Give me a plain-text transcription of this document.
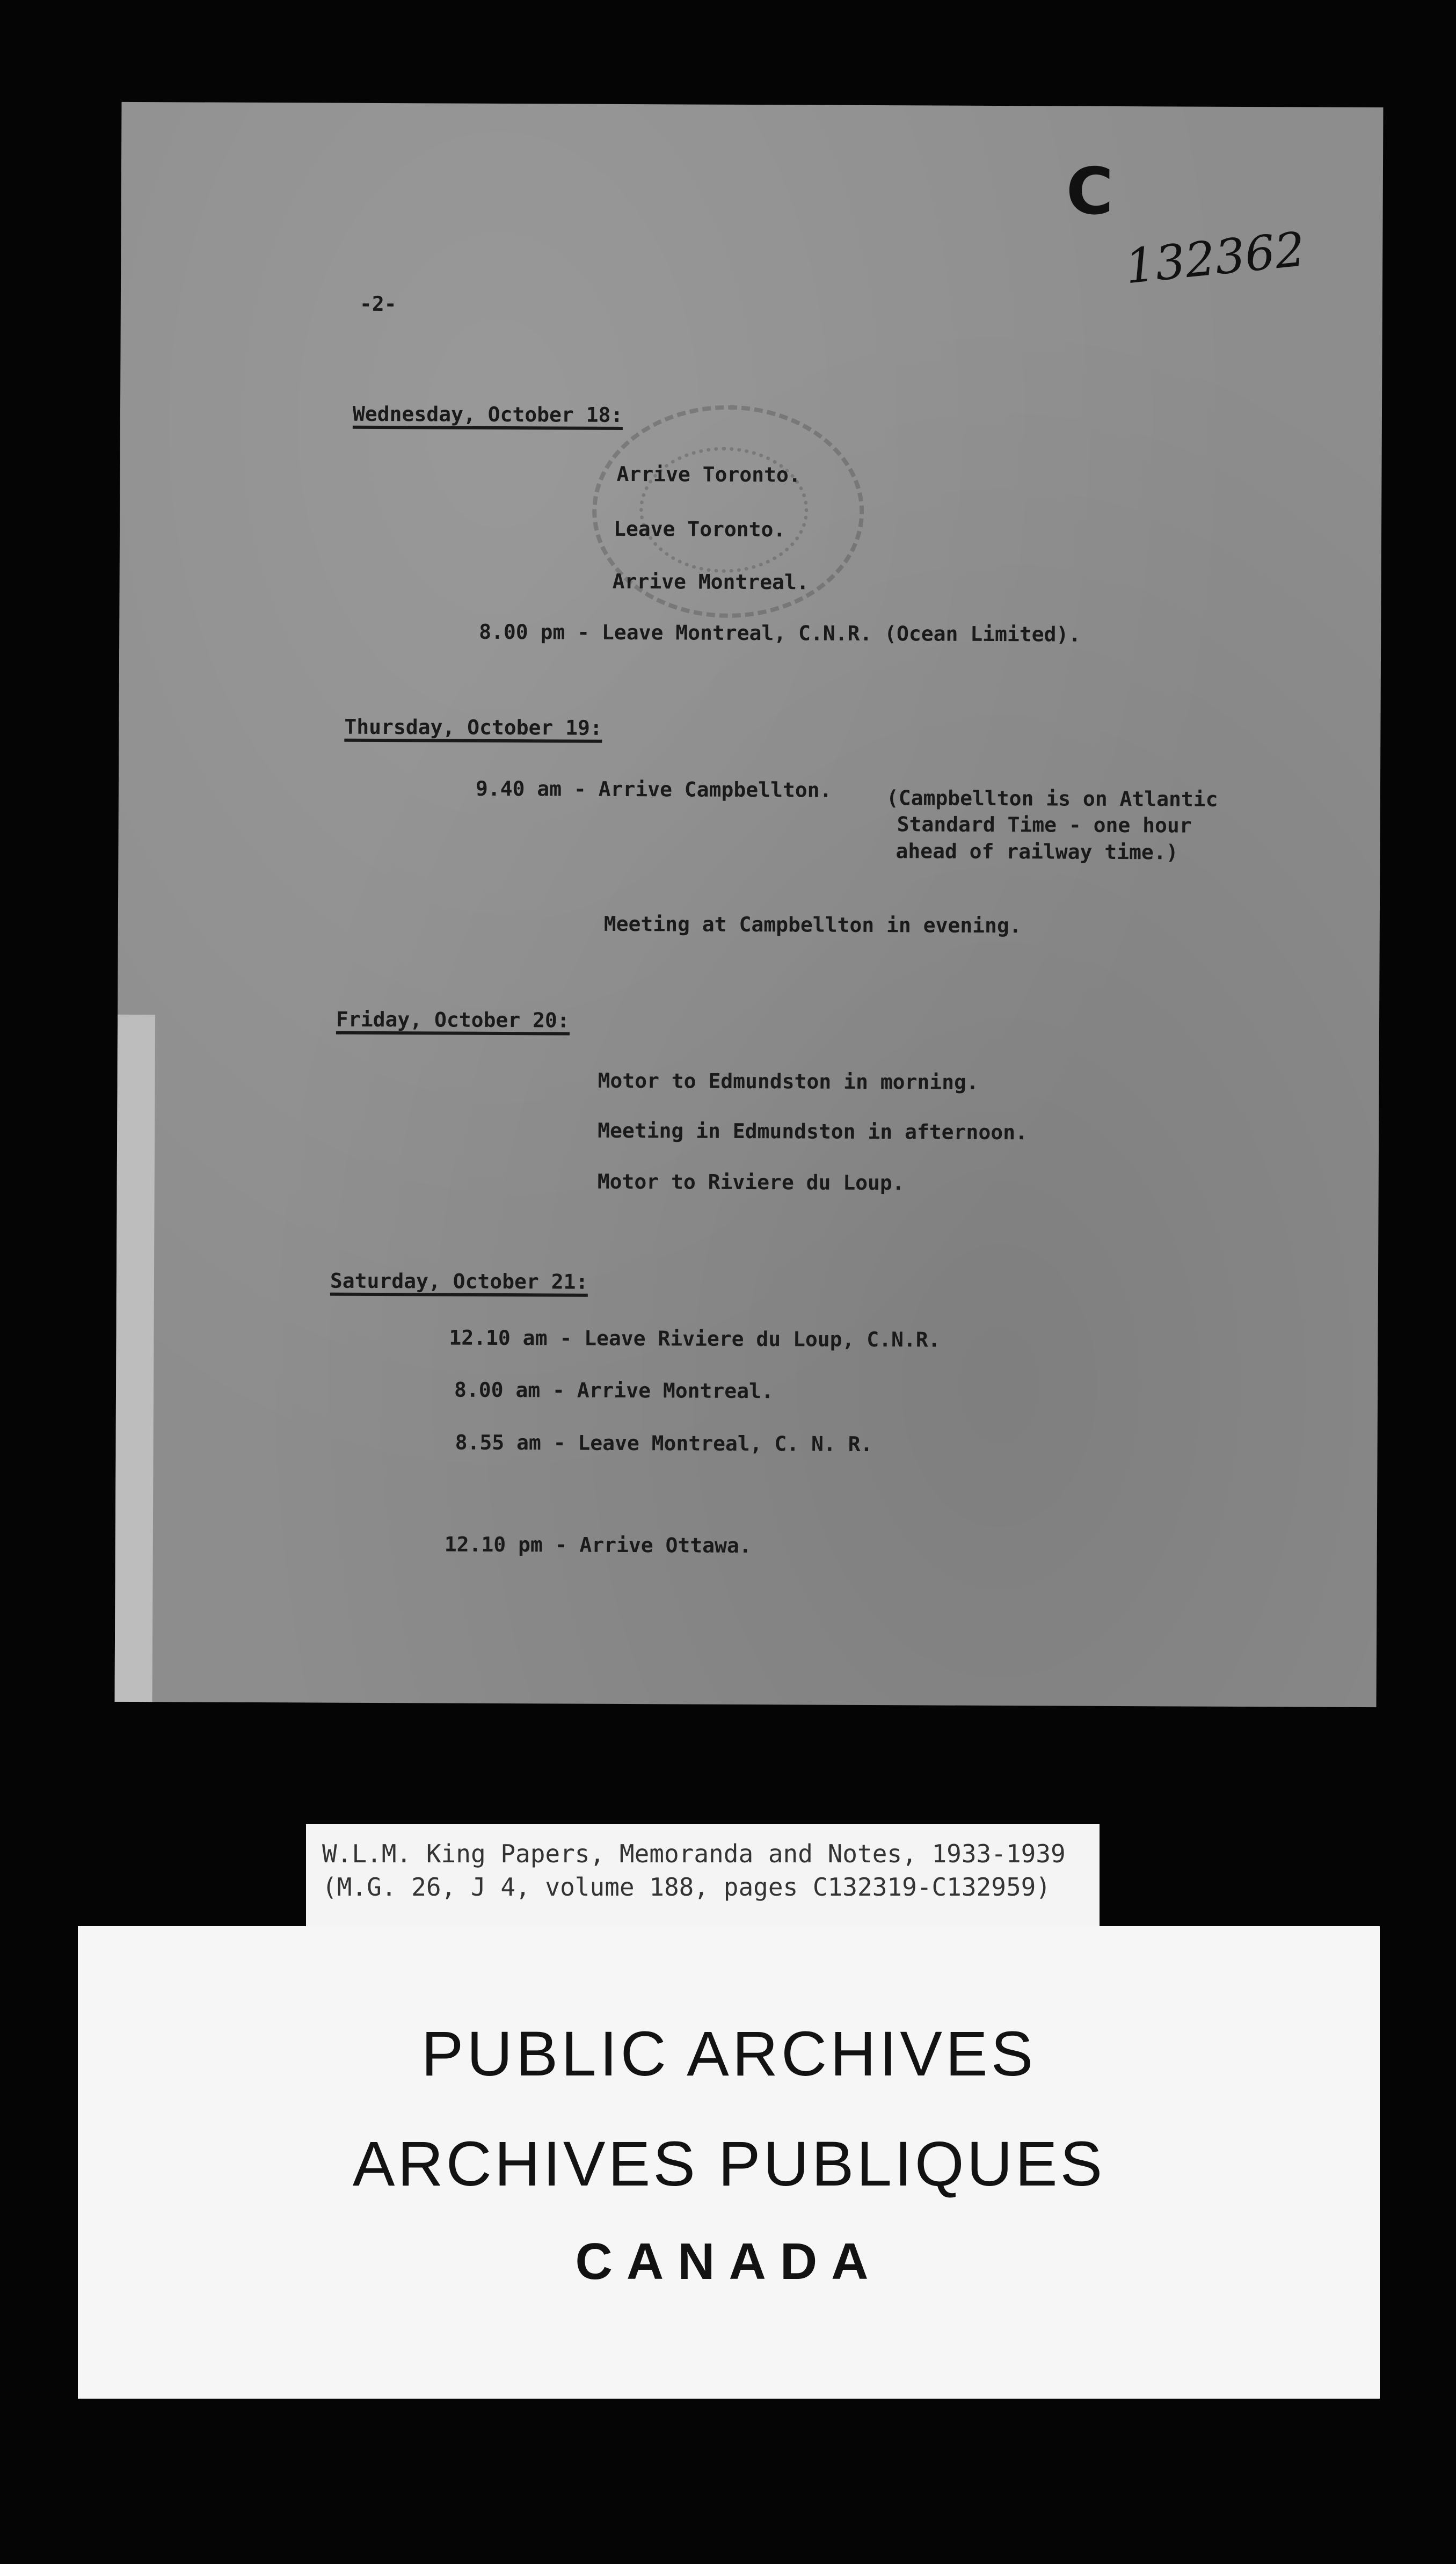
C

132362

-2-

Wednesday, October 18:

Arrive Toronto.

Leave Toronto.

Arrive Montreal.

8.00 pm - Leave Montreal, C.N.R. (Ocean Limited).

Thursday, October 19:

9.40 am - Arrive Campbellton.	(Campbellton is on Atlantic

Standard Time - one hour

ahead of railway time.)

Meeting at Campbellton in evening.

Friday, October 20:

Motor to Edmundston in morning.

Meeting in Edmundston in afternoon.

Motor to Riviere du Loup.

Saturday, October 21:

12.10 am - Leave Riviere du Loup, C.N.R.

8.00 am - Arrive Montreal.

8.55 am - Leave Montreal, C. N. R.

12.10 pm - Arrive Ottawa.

W.L.M. King Papers, Memoranda and Notes, 1933-1939

(M.G. 26, J 4, volume 188, pages C132319-C132959)

PUBLIC ARCHIVES

ARCHIVES PUBLIQUES

CANADA
